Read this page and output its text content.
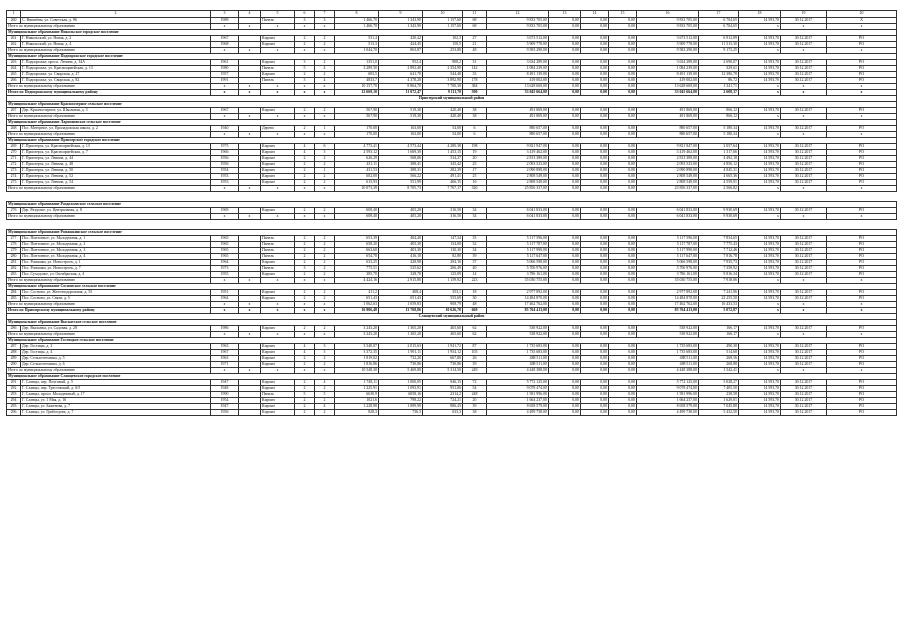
1	2	3	4	5	6	7	8	9	10	11	12	13	14	15	16	17	18	19	20
260	С. Вишнёвы, ул. Советская, д. 96	1988		Панель	3	3	1 466,70	1 343,90	1 157,60	68	9 833 705,00	0,00	0,00	0,00	9 833 705,00	6 704,65	14 593,70	30.12.2017	X
Итого по муниципальному образованию		х	х	х	х	х	1 466,70	1 343,90	1 157,60	68	9 833 705,00	0,00	0,00	0,00	9 833 705,00	6 704,65	х	х	х
Муниципальное образование Никольское городское поселение																			
261	Г. Никольский, ул. Новая, д. 2	1967		Кирпич	2	2	531,4	430,42	102,3	27	3 673 512,00	0,00	0,00	0,00	3 673 512,00	6 912,89	14 593,70	30.12.2017	РО
262	Г. Никольский, ул. Новая, д. 4	1968		Кирпич	2	2	513,3	424,45	150,5	21	5 909 778,00	0,00	0,00	0,00	5 909 778,00	11 513,30	14 593,70	30.12.2017	РО
Итого по муниципальному образованию		х	х	х	х	х	1 044,70	863,87	253,80	48	9 583 290,00	0,00	0,00	0,00	9 583 290,00	9 173,25	х	х	х
Муниципальное образование Подпорожское городское поселение																			
263	Г. Подпорожье, просп. Ленина, д. 34А	1961		Кирпич	3	2	1351,0	952,4	908,2	31	3 634 289,00	0,00	0,00	0,00	3 634 289,00	2 690,07	14 593,70	30.12.2017	РО
264	Г. Подпорожье, ул. Красноармейская, д. 13	1980		Панель	5	4	3 289,50	2 892,40	2 354,90	142	1 084 239,00	0,00	0,00	0,00	1 084 239,00	329,61	14 593,70	30.12.2017	РО
265	Г. Подпорожье, ул. Свирская, д. 27	1957		Кирпич	2	2	683,5	641,70	544,40	33	8 491 139,00	0,00	0,00	0,00	8 491 139,00	12 386,78	14 593,70	30.12.2017	РО
266	Г. Подпорожье, ул. Свирская, д. 82	1991		Панель	3	4	4833,7	4 378,20	3 892,90	178	419 002,00	0,00	0,00	0,00	419 002,00	86,72	14 593,70	30.12.2017	РО
Итого по муниципальному образованию		х	х	х	х	х	10 157,70	8 864,70	7 700,30	384	13 628 669,00	0,00	0,00	0,00	13 628 669,00	1 341,71	х	х	х
Итого по Подпорожскому муниципальному району		х	х	х	х	х	12 669,10	11 072,47	9 111,70	500	33 045 664,00	0,00	0,00	0,00	33 045 664,00	2 608,37	х	х	х
Приозерский муниципальный район																			
Муниципальное образование Красноозерное сельское поселение																			
267	Дер. Красноозерное, ул. Школьная, д. 3	1967		Кирпич	2	2	567,90	519,30	420,40	38	491 869,00	0,00	0,00	0,00	491 869,00	866,12	14 593,70	30.12.2017	РО
Итого по муниципальному образованию		х	х	х	х	х	567,90	519,30	420,40	38	491 869,00	0,00	0,00	0,00	491 869,00	866,12	х	х	х
Муниципальное образование Ларионовское сельское поселение																			
268	Пос. Моторное, ул. Приладожская школа, д. 2	1940		Дерево	2	1	170,00	163,00	54,00	6	880 657,00	0,00	0,00	0,00	880 657,00	5 180,34	14 593,70	30.12.2017	РО
Итого по муниципальному образованию		х	х	х	х	х	170,00	163,00	54,00	6	880 657,00	0,00	0,00	0,00	880 657,00	5 180,34	х	х	х
Муниципальное образование Приозерское городское поселение																			
269	Г. Приозерск, ул. Красноармейская, д. 13	1975		Кирпич	4	6	4 773,41	4 573,44	4 280,38	198	9 821 947,00	0,00	0,00	0,00	9 821 947,00	2 057,64	14 593,70	30.12.2017	РО
270	Г. Приозерск, ул. Красноармейская, д. 7	1966		Кирпич	4	3	2 593,12	1 669,30	1 453,15	19	3 419 462,00	0,00	0,00	0,00	3 419 462,00	1 317,66	14 593,70	30.12.2017	РО
271	Г. Приозерск, ул. Ленина, д. 44	1956		Кирпич	2	2	626,29	568,06	534,27	20	2 813 389,00	0,00	0,00	0,00	2 813 389,00	4 492,18	14 593,70	30.12.2017	РО
272	Г. Приозерск, ул. Ленина, д. 48	1956		Кирпич	2	2	431,11	388,41	345,42	25	2 093 523,00	0,00	0,00	0,00	2 093 523,00	4 856,12	14 593,70	30.12.2017	РО
273	Г. Приозерск, ул. Ленина, д. 50	1954		Кирпич	2	1	431,53	388,31	282,39	17	2 090 898,00	0,00	0,00	0,00	2 090 898,00	4 845,31	14 593,70	30.12.2017	РО
274	Г. Приозерск, ул. Ленина, д. 52	1953		Кирпич	2	2	602,00	566,22	491,41	25	2 808 549,00	0,00	0,00	0,00	2 808 549,00	4 665,36	14 593,70	30.12.2017	РО
275	Г. Приозерск, ул. Ленина, д. 54	1953		Кирпич	2	2	615,93	551,99	466,15	16	2 808 549,00	0,00	0,00	0,00	2 808 549,00	4 559,91	14 593,70	30.12.2017	РО
Итого по муниципальному образованию		х	х	х	х	х	10 073,39	8 705,73	7 767,17	320	25 856 337,00	0,00	0,00	0,00	25 856 337,00	2 566,82	х	х	х

Муниципальное образование Раздольевское сельское поселение																			
276	Дер. Раздолье, ул. Центральная, д. 8	1969		Кирпич	2	2	608,40	405,20	316,50	34	6 041 833,00	0,00	0,00	0,00	6 041 833,00	9 930,69	14 593,70	30.12.2017	РО
Итого по муниципальному образованию		х	х	х	х	х	608,40	405,20	316,50	34	6 041 833,00	0,00	0,00	0,00	6 041 833,00	9 930,69	х	х	х

Муниципальное образование Ромашкинское сельское поселение																			
277	Пос. Понтонное, ул. Молодежная, д. 1	1965		Панель	2	2	653,39	404,40	147,34	35	5 117 596,00	0,00	0,00	0,00	5 117 596,00	7 834,65	14 593,70	30.12.2017	РО
278	Пос. Понтонное, ул. Молодежная, д. 2	1965		Панель	2	2	658,20	405,30	154,00	32	5 117 787,00	0,00	0,00	0,00	5 117 787,00	7 775,43	14 593,70	30.12.2017	РО
279	Пос. Понтонное, ул. Молодежная, д. 3	1965		Панель	2	2	663,60	403,30	130,30	34	5 117 990,00	0,00	0,00	0,00	5 117 990,00	7 712,46	14 593,70	30.12.2017	РО
280	Пос. Понтонное, ул. Молодежная, д. 4	1965		Панель	2	2	654,70	416,10	82,80	39	5 117 647,00	0,00	0,00	0,00	5 117 647,00	7 816,78	14 593,70	30.12.2017	РО
281	Пос. Ромашки, ул. Новостроек, д. 1	1964		Кирпич	2	2	633,25	428,98	294,10	37	5 066 598,00	0,00	0,00	0,00	5 066 598,00	7 935,73	14 593,70	30.12.2017	РО
282	Пос. Ромашки, ул. Новостроек, д. 7	1973		Панель	3	2	775,51	525,62	266,49	40	5 706 976,00	0,00	0,00	0,00	5 706 976,00	7 358,92	14 593,70	30.12.2017	РО
283	Пос. Суходолье, ул. Октябрьская, д. 4	1955		Кирпич	2	2	385,70	328,70	125,09	14	3 786 161,00	0,00	0,00	0,00	3 786 161,00	9 816,34	14 593,70	30.12.2017	РО
Итого по муниципальному образованию		х	х	х	х	х	4 424,16	2 915,80	1 159,92	223	35 030 755,00	0,00	0,00	0,00	35 030 755,00	7 918,06	х	х	х
Муниципальное образование Сосновское сельское поселение																			
284	Пос. Сосново, ул. Железнодорожная, д. 55	1951		Кирпич	2	2	411,2	408,4	353,1	18	2 977 892,00	0,00	0,00	0,00	2 977 892,00	7 241,96	14 593,70	30.12.2017	РО
285	Пос. Сосново, ул. Связи, д. 5	1964		Кирпич	2	2	651,43	651,43	555,69	30	14 484 870,00	0,00	0,00	0,00	14 484 870,00	22 255,50	14 593,70	30.12.2017	РО
Итого по муниципальному образованию		х	х	х	х	х	1 062,63	1 059,83	908,79	48	17 462 762,00	0,00	0,00	0,00	17 462 762,00	16 433,53	х	х	х
Итого по Приозерскому муниципальному району		х	х	х	х	х	16 906,48	13 768,86	10 626,78	669	85 764 413,00	0,00	0,00	0,00	85 764 413,00	5 072,87	х	х	х
Сланцевский муниципальный район																			
Муниципальное образование Выскатское сельское поселение																			
286	Дер. Выскатка, ул. Садовая, д. 28	1986		Кирпич	2	2	3 243,20	1 365,20	465,60	62	538 922,00	0,00	0,00	0,00	538 922,00	166,17	14 593,70	30.12.2017	РО
Итого по муниципальному образованию		х	х	х	х	х	3 243,20	1 365,20	465,60	62	538 922,00	0,00	0,00	0,00	538 922,00	166,17	х	х	х
Муниципальное образование Гостицкое сельское поселение																			
287	Дер. Гостицы, д. 2	1963		Кирпич	4	3	3 540,07	2 015,63	1 941,72	87	1 735 683,00	0,00	0,00	0,00	1 735 683,00	490,30	14 593,70	30.12.2017	РО
288	Дер. Гостицы, д. 4	1967		Кирпич	4	3	3 372,35	1 991,11	1 954,12	103	1 735 683,00	0,00	0,00	0,00	1 735 683,00	514,68	14 593,70	30.12.2017	РО
289	Дер. Сельхозтехника, д. 5	1963		Кирпич	2	2	1 819,02	732,20	667,80	26	488 511,00	0,00	0,00	0,00	488 511,00	268,56	14 593,70	30.12.2017	РО
290	Дер. Сельхозтехника, д. 6	1971		Кирпич	2	2	1 816,86	730,86	730,86	39	488 511,00	0,00	0,00	0,00	488 511,00	268,88	14 593,70	30.12.2017	РО
Итого по муниципальному образованию		х	х	х	х	х	10 548,30	5 469,80	5 314,50	249	4 448 388,00	0,00	0,00	0,00	4 448 388,00	1 542,41	х	х	х
Муниципальное образование Сланцевское городское поселение																			
291	Г. Сланцы, пер. Почтовый, д. 5	1947		Кирпич	2	4	1 748,11	1 000,05	946,15	72	5 772 125,00	0,00	0,00	0,00	5 772 125,00	5 028,27	14 593,70	30.12.2017	РО
292	Г. Сланцы, пер. Трестовский, д. 6/5	1948		Кирпич	2	2	1 225,91	1 093,91	951,06	54	9 078 474,00	0,00	0,00	0,00	9 078 474,00	7 405,50	14 593,70	30.12.2017	РО
293	Г. Сланцы, просп. Молодежный, д. 17	1990		Панель	5	5	6630,9	6058,16	2314,2	248	1 581 996,00	0,00	0,00	0,00	1 581 996,00	238,58	14 593,70	30.12.2017	РО
294	Г. Сланцы, ул. 1 Мая, д. 16	1954		Кирпич	2	2	1021,6	798,22	724,21	20	1 664 237,00	0,00	0,00	0,00	1 664 237,00	1 629,01	14 593,70	30.12.2017	РО
295	Г. Сланцы, ул. Баженова, д. 7	1947		Кирпич	2	4	1 228,90	1 089,90	886,43	39	8 658 579,00	0,00	0,00	0,00	8 658 579,00	7 045,80	14 593,70	30.12.2017	РО
296	Г. Сланцы, ул. Грибоедова, д. 7	1956		Кирпич	2	2	828,3	736,3	633,3	38	4 499 738,00	0,00	0,00	0,00	4 499 738,00	5 432,50	14 593,70	30.12.2017	РО
